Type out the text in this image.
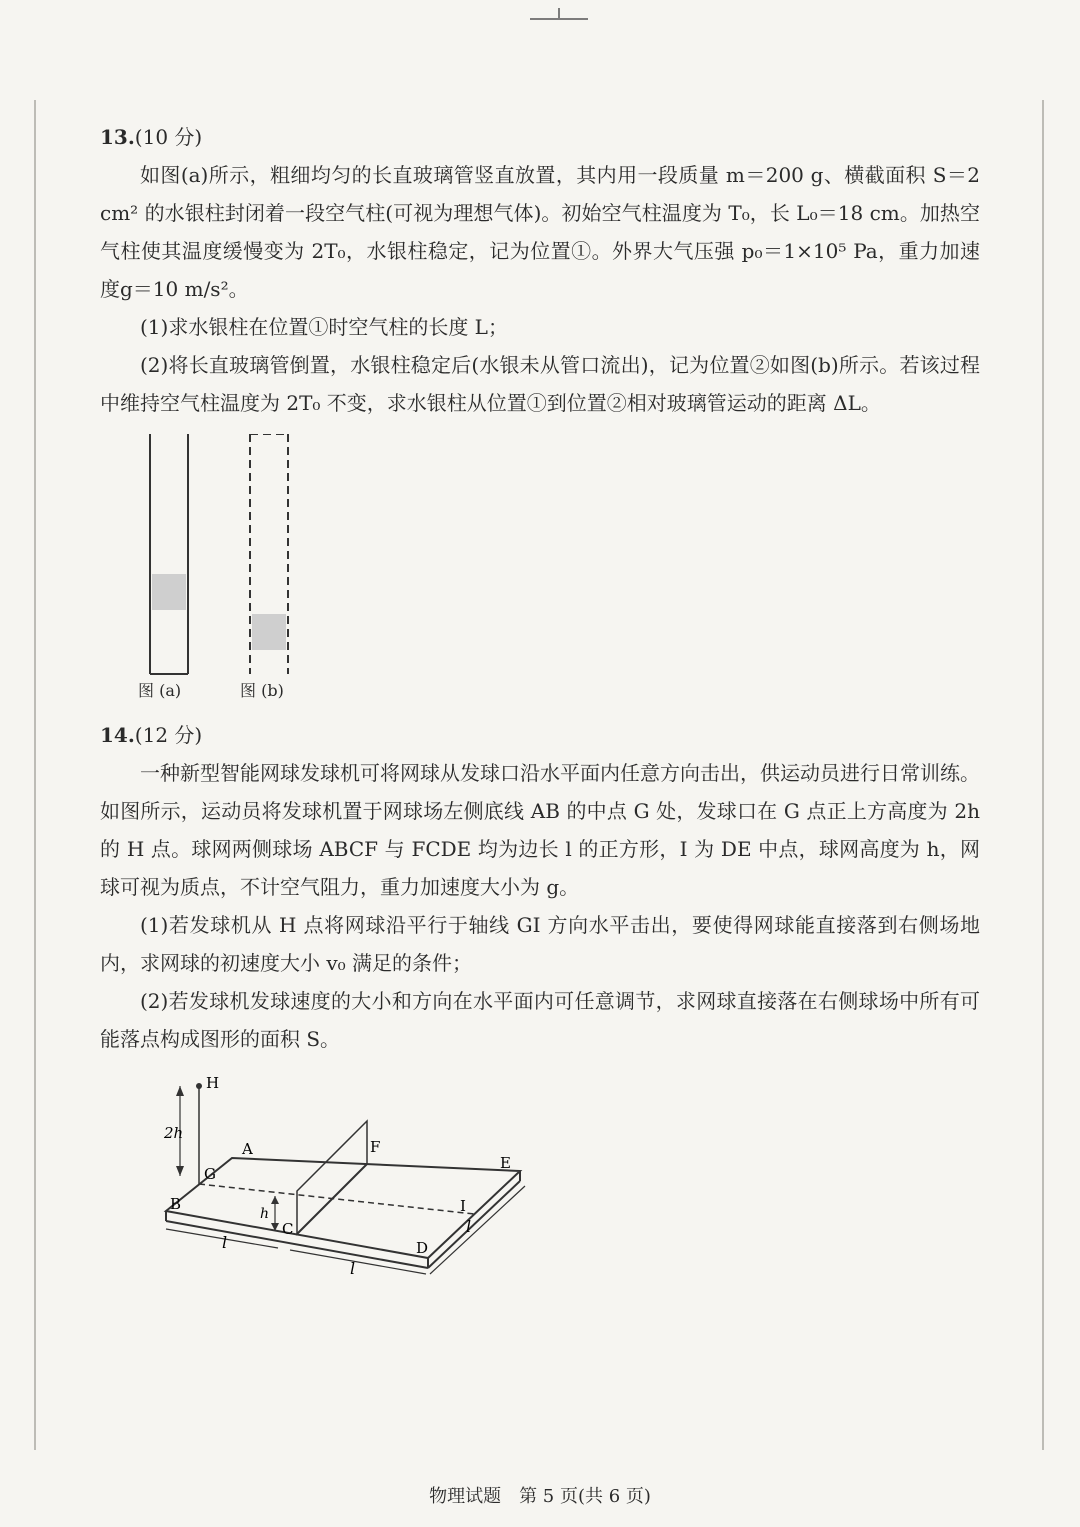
13.(10 分)

如图(a)所示，粗细均匀的长直玻璃管竖直放置，其内用一段质量 m＝200 g、横截面积 S＝2 cm² 的水银柱封闭着一段空气柱(可视为理想气体)。初始空气柱温度为 T₀，长 L₀＝18 cm。加热空气柱使其温度缓慢变为 2T₀，水银柱稳定，记为位置①。外界大气压强 p₀＝1×10⁵ Pa，重力加速度g＝10 m/s²。

(1)求水银柱在位置①时空气柱的长度 L；

(2)将长直玻璃管倒置，水银柱稳定后(水银未从管口流出)，记为位置②如图(b)所示。若该过程中维持空气柱温度为 2T₀ 不变，求水银柱从位置①到位置②相对玻璃管运动的距离 ΔL。

图 (a)	图 (b)

14.(12 分)

一种新型智能网球发球机可将网球从发球口沿水平面内任意方向击出，供运动员进行日常训练。如图所示，运动员将发球机置于网球场左侧底线 AB 的中点 G 处，发球口在 G 点正上方高度为 2h 的 H 点。球网两侧球场 ABCF 与 FCDE 均为边长 l 的正方形，I 为 DE 中点，球网高度为 h，网球可视为质点，不计空气阻力，重力加速度大小为 g。

(1)若发球机从 H 点将网球沿平行于轴线 GI 方向水平击出，要使得网球能直接落到右侧场地内，求网球的初速度大小 v₀ 满足的条件；

(2)若发球机发球速度的大小和方向在水平面内可任意调节，求网球直接落在右侧球场中所有可能落点构成图形的面积 S。

H
2h
A
B
C
D
E
F
G
I
h
l
l
l
物理试题　第 5 页(共 6 页)
